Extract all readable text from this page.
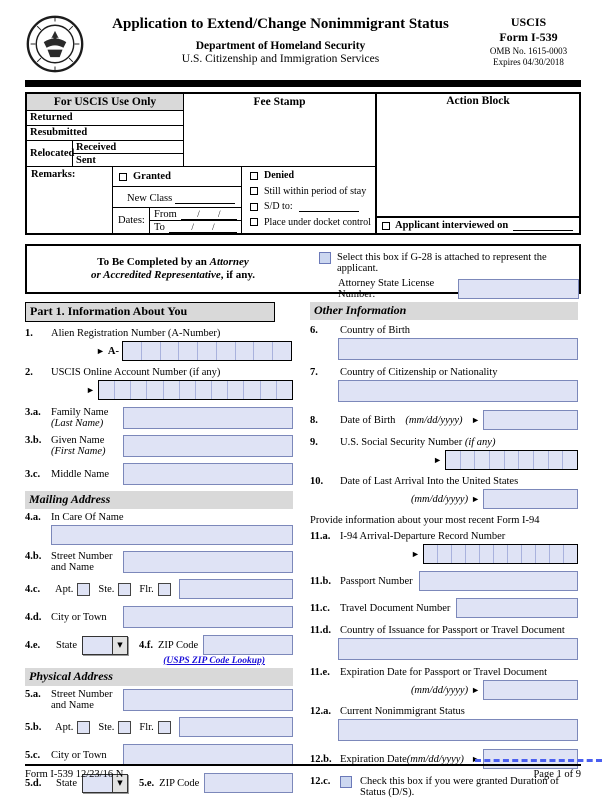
Application to Extend/Change Nonimmigrant Status
Department of Homeland Security
U.S. Citizenship and Immigration Services
USCIS
Form I-539
OMB No. 1615-0003
Expires 04/30/2018
For USCIS Use Only
Returned
Resubmitted
Relocated
Received
Sent
Fee Stamp
Remarks:	Granted
New Class
Dates:
From	/ /
To	/ /
Denied
Still within period of stay
S/D to:
Place under docket control
Action Block
Applicant interviewed on
To Be Completed by an Attorney
or Accredited Representative, if any.
Select this box if G-28 is attached to represent the applicant.
Attorney State License Number:
Part 1. Information About You
1.	Alien Registration Number (A-Number)
► A-
2.	USCIS Online Account Number (if any)
►
3.a. Family Name
(Last Name)
3.b. Given Name
(First Name)
3.c.	Middle Name
Mailing Address
4.a. In Care Of Name
4.b. Street Number
and Name
4.c.	Apt. Ste. Flr.
4.d. City or Town
4.e.	State	▼	4.f. ZIP Code
(USPS ZIP Code Lookup)
Physical Address
5.a. Street Number
and Name
5.b.	Apt. Ste. Flr.
5.c.	City or Town
5.d.	State	▼	5.e. ZIP Code
Other Information
6.	Country of Birth
7.	Country of Citizenship or Nationality
8.	Date of Birth (mm/dd/yyyy) ►
9.	U.S. Social Security Number (if any)
►
10.	Date of Last Arrival Into the United States
(mm/dd/yyyy) ►
Provide information about your most recent Form I-94
11.a. I-94 Arrival-Departure Record Number
►
11.b. Passport Number
11.c. Travel Document Number
11.d. Country of Issuance for Passport or Travel Document
11.e. Expiration Date for Passport or Travel Document
(mm/dd/yyyy) ►
12.a. Current Nonimmigrant Status
12.b. Expiration Date (mm/dd/yyyy) ►
12.c.	Check this box if you were granted Duration of Status (D/S).
Form I-539 12/23/16 N	Page 1 of 9
